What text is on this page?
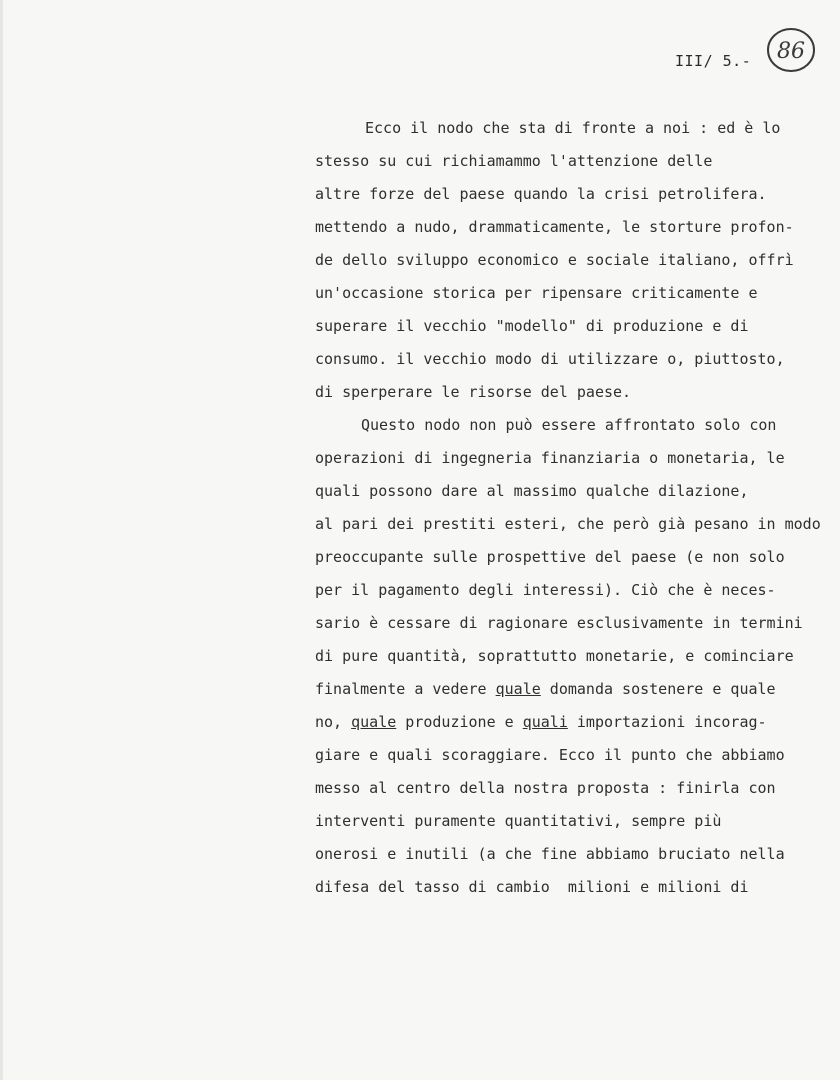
III/ 5.- 86

Ecco il nodo che sta di fronte a noi : ed è lo

stesso su cui richiamammo l'attenzione delle

altre forze del paese quando la crisi petrolifera.

mettendo a nudo, drammaticamente, le storture profon-

de dello sviluppo economico e sociale italiano, offrì

un'occasione storica per ripensare criticamente e

superare il vecchio "modello" di produzione e di

consumo. il vecchio modo di utilizzare o, piuttosto,

di sperperare le risorse del paese.

Questo nodo non può essere affrontato solo con

operazioni di ingegneria finanziaria o monetaria, le

quali possono dare al massimo qualche dilazione,

al pari dei prestiti esteri, che però già pesano in modo

preoccupante sulle prospettive del paese (e non solo

per il pagamento degli interessi). Ciò che è neces-

sario è cessare di ragionare esclusivamente in termini

di pure quantità, soprattutto monetarie, e cominciare

finalmente a vedere quale domanda sostenere e quale

no, quale produzione e quali importazioni incorag-

giare e quali scoraggiare. Ecco il punto che abbiamo

messo al centro della nostra proposta : finirla con

interventi puramente quantitativi, sempre più

onerosi e inutili (a che fine abbiamo bruciato nella

difesa del tasso di cambio  milioni e milioni di
